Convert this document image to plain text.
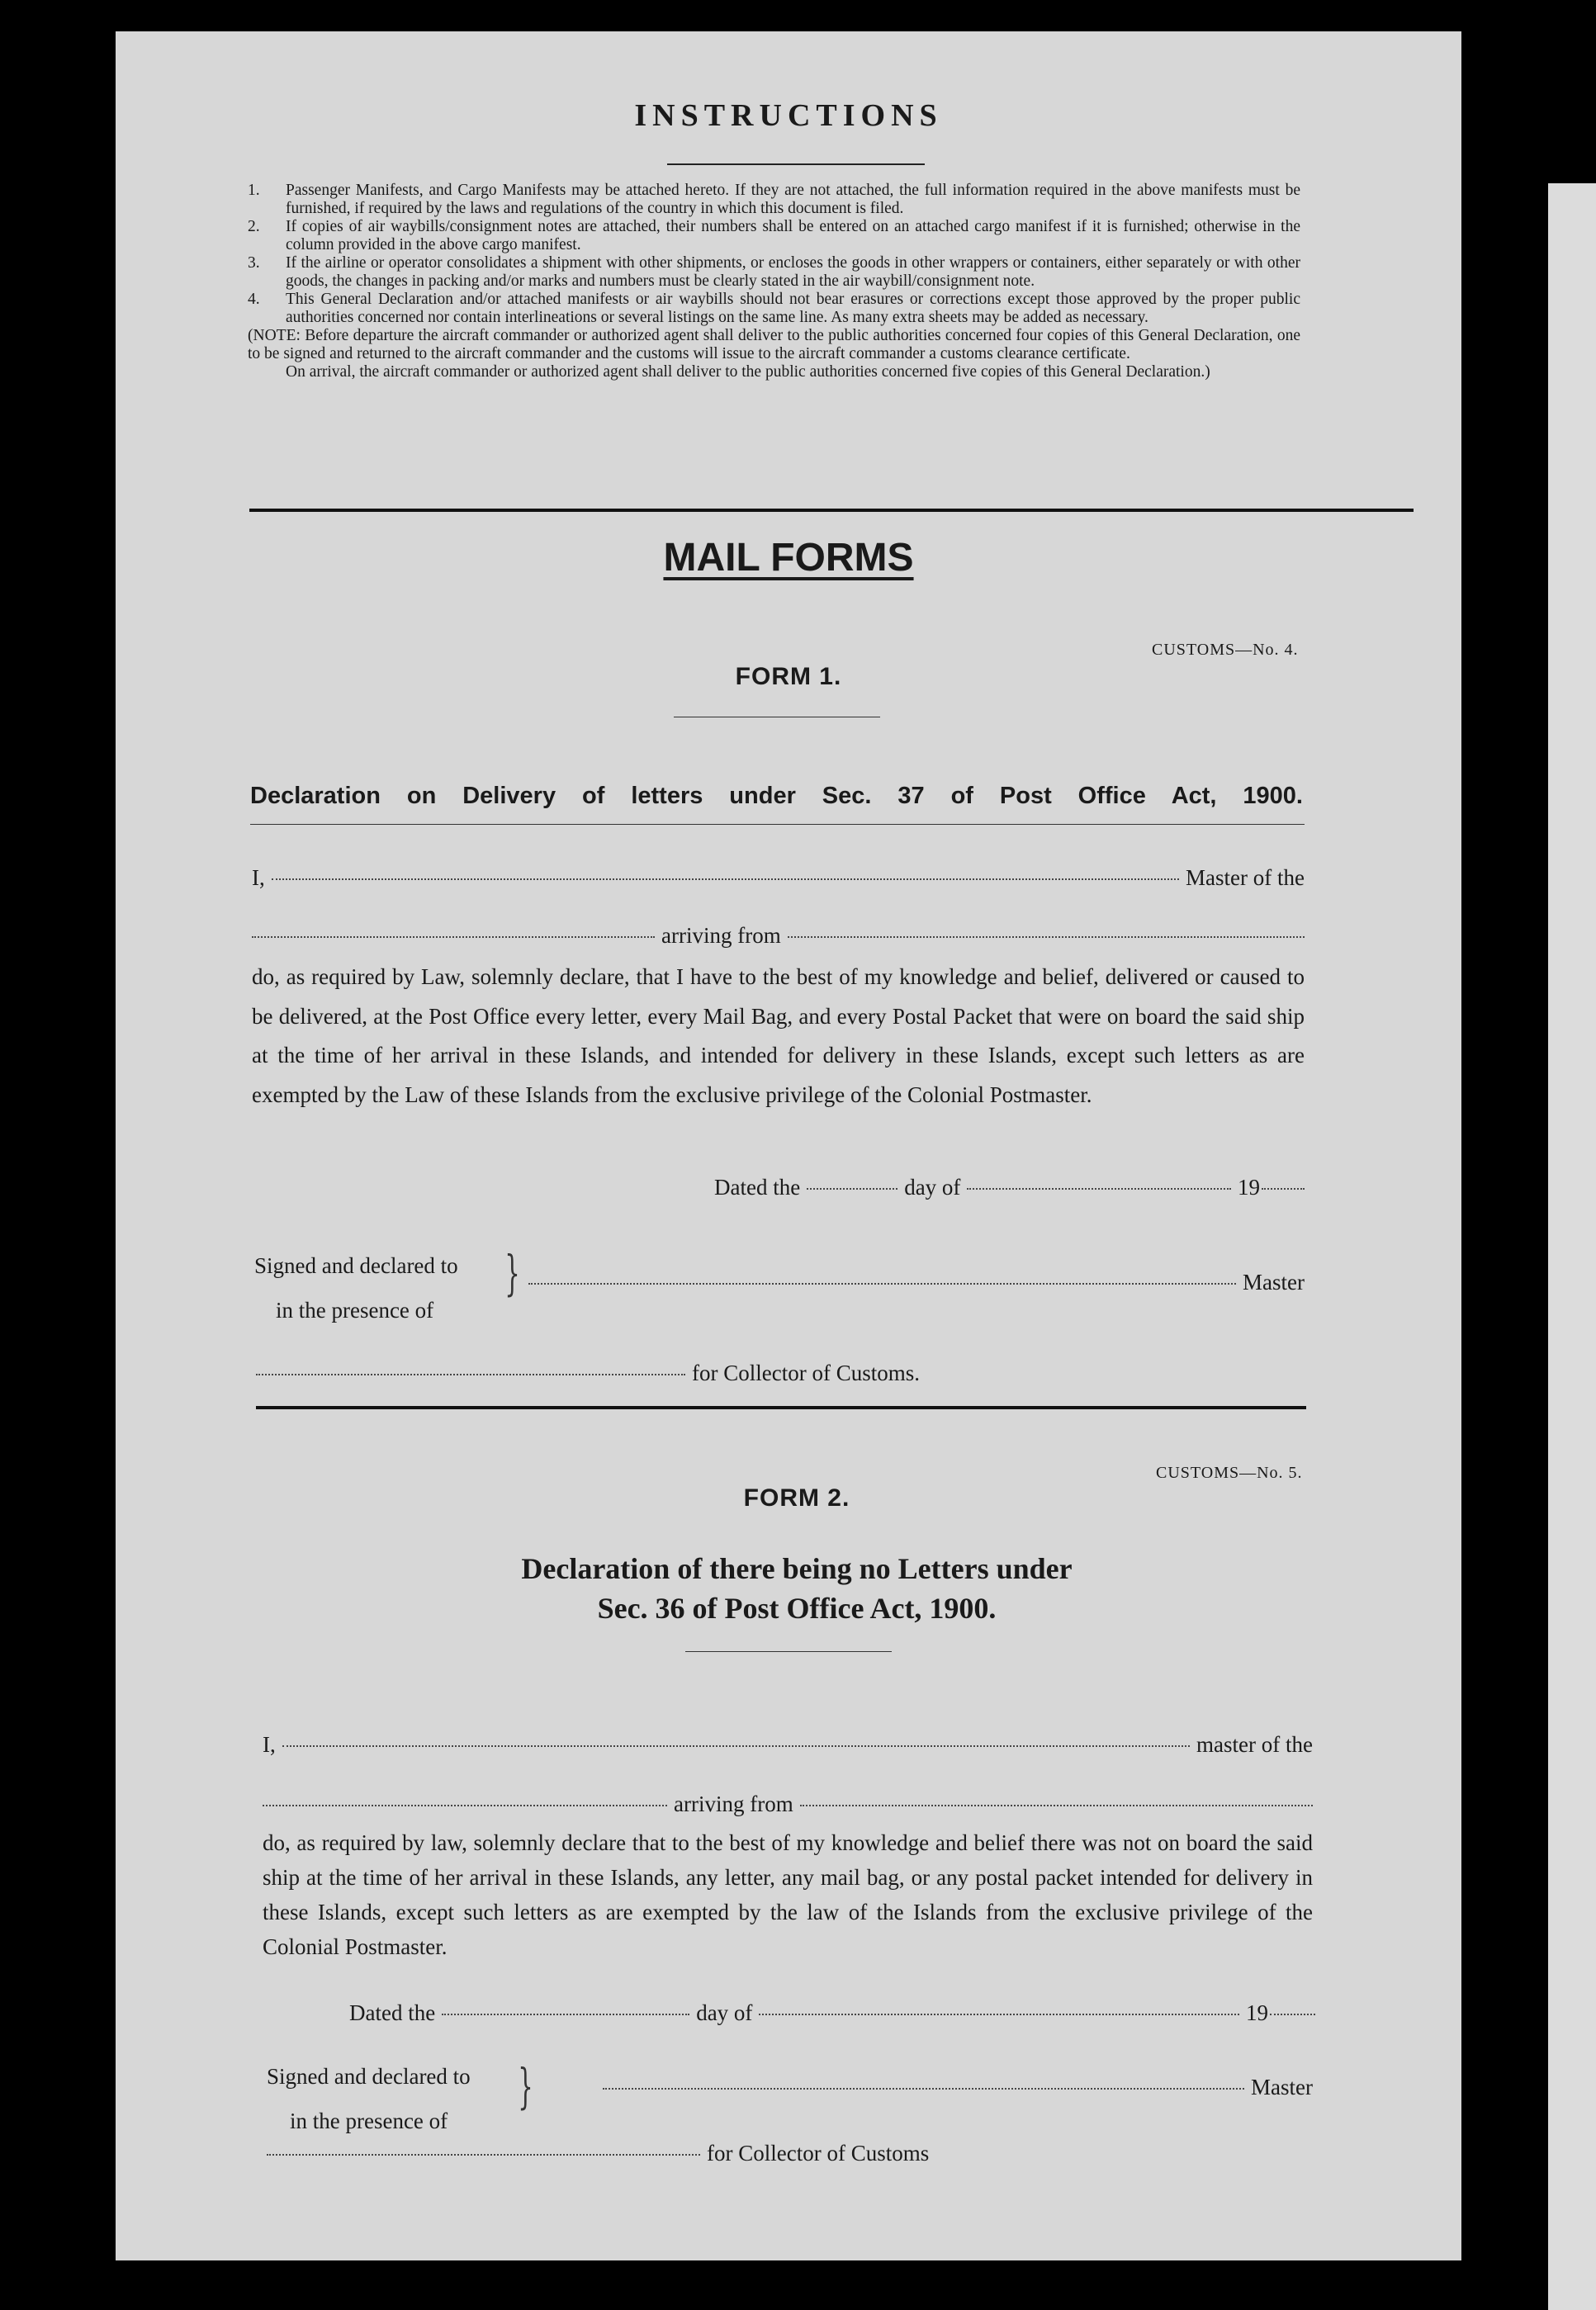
INSTRUCTIONS
1.	Passenger Manifests, and Cargo Manifests may be attached hereto. If they are not attached, the full information required in the above manifests must be furnished, if required by the laws and regulations of the country in which this document is filed.
2.	If copies of air waybills/consignment notes are attached, their numbers shall be entered on an attached cargo manifest if it is furnished; otherwise in the column provided in the above cargo manifest.
3.	If the airline or operator consolidates a shipment with other shipments, or encloses the goods in other wrappers or containers, either separately or with other goods, the changes in packing and/or marks and numbers must be clearly stated in the air waybill/consignment note.
4.	This General Declaration and/or attached manifests or air waybills should not bear erasures or corrections except those approved by the proper public authorities concerned nor contain interlineations or several listings on the same line. As many extra sheets may be added as necessary.
(NOTE: Before departure the aircraft commander or authorized agent shall deliver to the public authorities concerned four copies of this General Declaration, one to be signed and returned to the aircraft commander and the customs will issue to the aircraft commander a customs clearance certificate.
On arrival, the aircraft commander or authorized agent shall deliver to the public authorities concerned five copies of this General Declaration.)
MAIL FORMS
CUSTOMS—No. 4.
FORM 1.
Declaration on Delivery of letters under Sec. 37 of Post Office Act, 1900.
I,	Master of the
arriving from
do, as required by Law, solemnly declare, that I have to the best of my knowledge and belief, delivered or caused to be delivered, at the Post Office every letter, every Mail Bag, and every Postal Packet that were on board the said ship at the time of her arrival in these Islands, and intended for delivery in these Islands, except such letters as are exempted by the Law of these Islands from the exclusive privilege of the Colonial Postmaster.
Dated the	day of	19
Signed and declared to
in the presence of
}	Master
for Collector of Customs.
CUSTOMS—No. 5.
FORM 2.
Declaration of there being no Letters under
Sec. 36 of Post Office Act, 1900.
I,	master of the
arriving from
do, as required by law, solemnly declare that to the best of my knowledge and belief there was not on board the said ship at the time of her arrival in these Islands, any letter, any mail bag, or any postal packet intended for delivery in these Islands, except such letters as are exempted by the law of the Islands from the exclusive privilege of the Colonial Postmaster.
Dated the	day of	19
Signed and declared to
in the presence of
}	Master
for Collector of Customs
